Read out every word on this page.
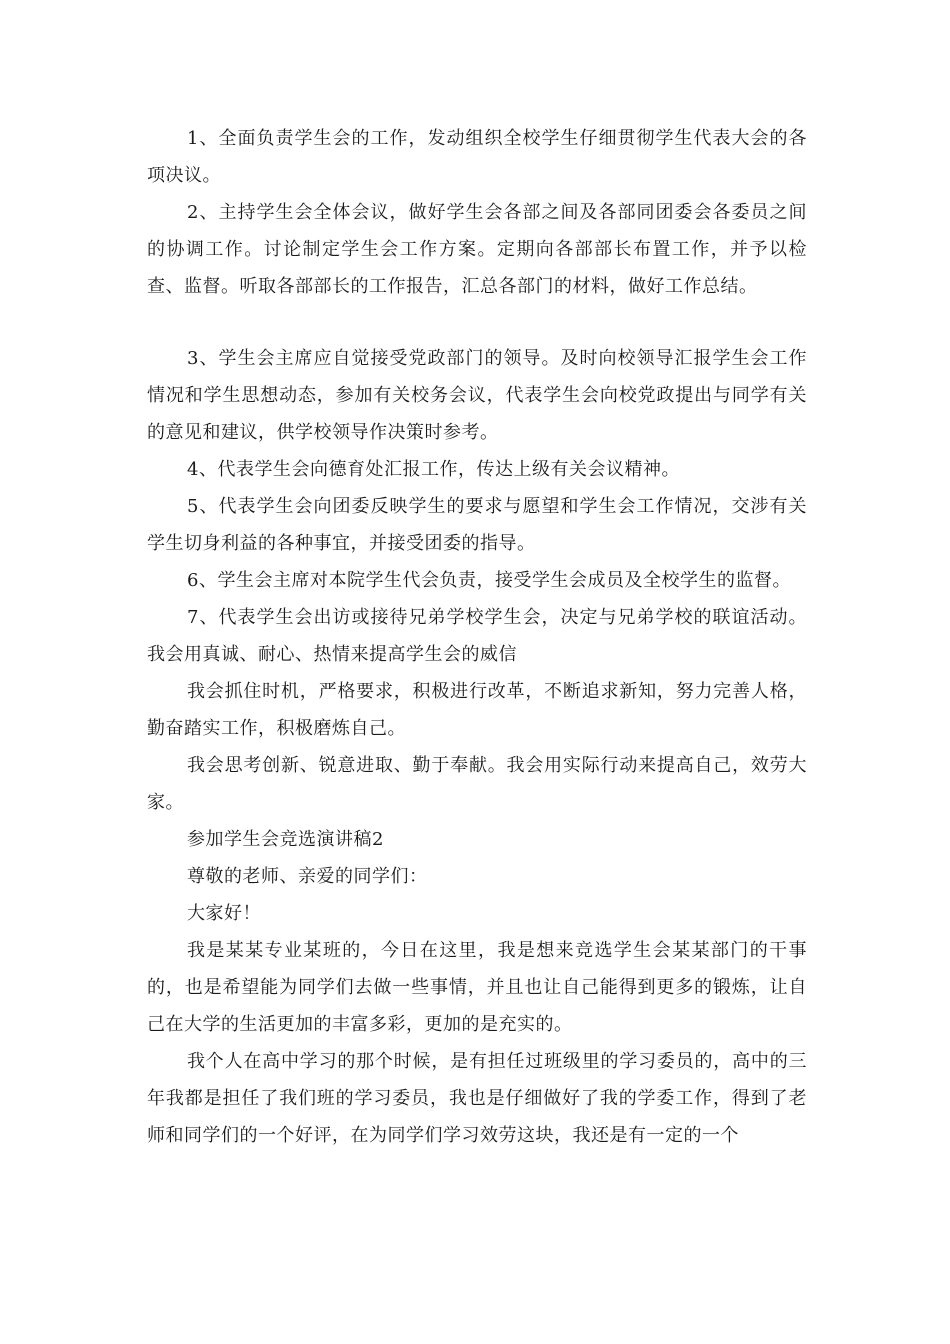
1、全面负责学生会的工作，发动组织全校学生仔细贯彻学生代表大会的各项决议。

2、主持学生会全体会议，做好学生会各部之间及各部同团委会各委员之间的协调工作。讨论制定学生会工作方案。定期向各部部长布置工作，并予以检查、监督。听取各部部长的工作报告，汇总各部门的材料，做好工作总结。

3、学生会主席应自觉接受党政部门的领导。及时向校领导汇报学生会工作情况和学生思想动态，参加有关校务会议，代表学生会向校党政提出与同学有关的意见和建议，供学校领导作决策时参考。

4、代表学生会向德育处汇报工作，传达上级有关会议精神。

5、代表学生会向团委反映学生的要求与愿望和学生会工作情况，交涉有关学生切身利益的各种事宜，并接受团委的指导。

6、学生会主席对本院学生代会负责，接受学生会成员及全校学生的监督。

7、代表学生会出访或接待兄弟学校学生会，决定与兄弟学校的联谊活动。我会用真诚、耐心、热情来提高学生会的威信

我会抓住时机，严格要求，积极进行改革，不断追求新知，努力完善人格，勤奋踏实工作，积极磨炼自己。

我会思考创新、锐意进取、勤于奉献。我会用实际行动来提高自己，效劳大家。

参加学生会竞选演讲稿2

尊敬的老师、亲爱的同学们：

大家好！

我是某某专业某班的，今日在这里，我是想来竞选学生会某某部门的干事的，也是希望能为同学们去做一些事情，并且也让自己能得到更多的锻炼，让自己在大学的生活更加的丰富多彩，更加的是充实的。

我个人在高中学习的那个时候，是有担任过班级里的学习委员的，高中的三年我都是担任了我们班的学习委员，我也是仔细做好了我的学委工作，得到了老师和同学们的一个好评，在为同学们学习效劳这块，我还是有一定的一个
